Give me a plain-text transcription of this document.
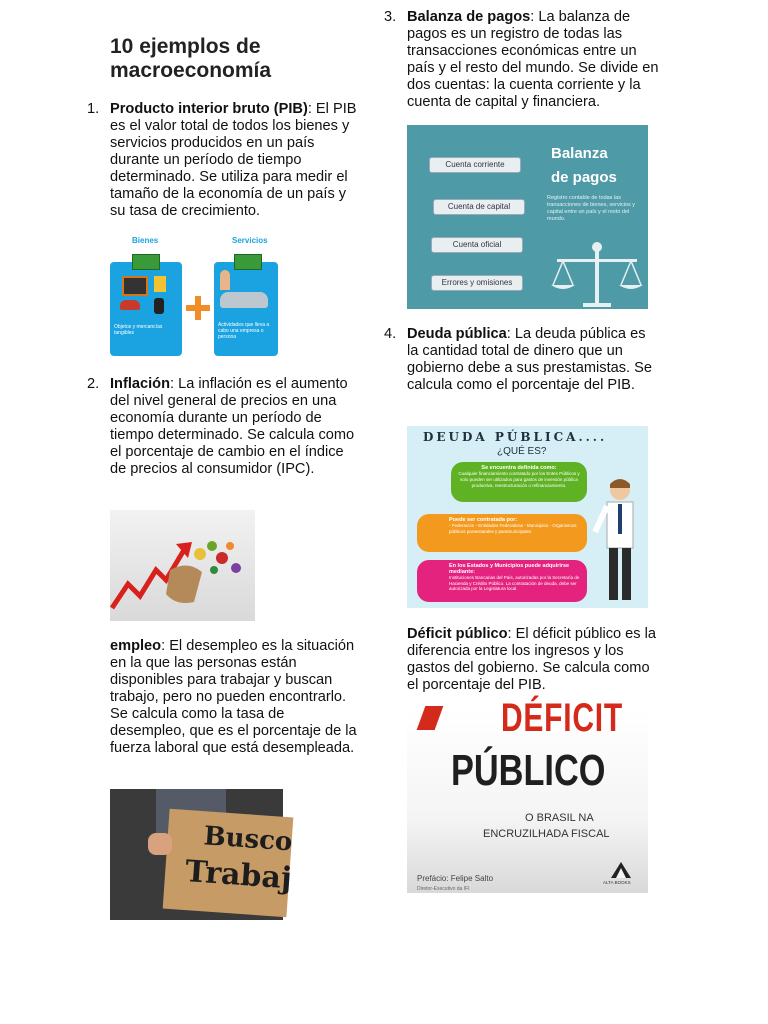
10 ejemplos de macroeconomía
1. Producto interior bruto (PIB): El PIB es el valor total de todos los bienes y servicios producidos en un país durante un período de tiempo determinado. Se utiliza para medir el tamaño de la economía de un país y su tasa de crecimiento.
Bienes	Servicios
Objetos y mercancías tangibles
Actividades que lleva a cabo una empresa o persona
2. Inflación: La inflación es el aumento del nivel general de precios en una economía durante un período de tiempo determinado. Se calcula como el porcentaje de cambio en el índice de precios al consumidor (IPC).
empleo: El desempleo es la situación en la que las personas están disponibles para trabajar y buscan trabajo, pero no pueden encontrarlo. Se calcula como la tasa de desempleo, que es el porcentaje de la fuerza laboral que está desempleada.
Busco
Trabaj
3. Balanza de pagos: La balanza de pagos es un registro de todas las transacciones económicas entre un país y el resto del mundo. Se divide en dos cuentas: la cuenta corriente y la cuenta de capital y financiera.
Balanza
de pagos
Registro contable de todas las transacciones de bienes, servicios y capital entre un país y el resto del mundo.
Cuenta corriente
Cuenta de capital
Cuenta oficial
Errores y omisiones
4. Deuda pública: La deuda pública es la cantidad total de dinero que un gobierno debe a sus prestamistas. Se calcula como el porcentaje del PIB.
DEUDA PÚBLICA....
¿QUÉ ES?
Se encuentra definida como:
Cualquier financiamiento contratado por los Entes Públicos y solo pueden ser utilizados para gastos de inversión pública productiva, reestructuración o refinanciamiento.
Puede ser contratada por:
- Federación - Entidades Federativas - Municipios - Organismos públicos paraestatales y paramunicipales
En los Estados y Municipios puede adquirirse mediante:
Instituciones Bancarias del País, autorizadas por la Secretaría de Hacienda y Crédito Público. La contratación de deuda, debe ser autorizada por la Legislatura local.
Déficit público: El déficit público es la diferencia entre los ingresos y los gastos del gobierno. Se calcula como el porcentaje del PIB.
DÉFICIT
PÚBLICO
O BRASIL NA
ENCRUZILHADA FISCAL
Prefácio: Felipe Salto
Diretor-Executivo da IFI
ALTA BOOKS
